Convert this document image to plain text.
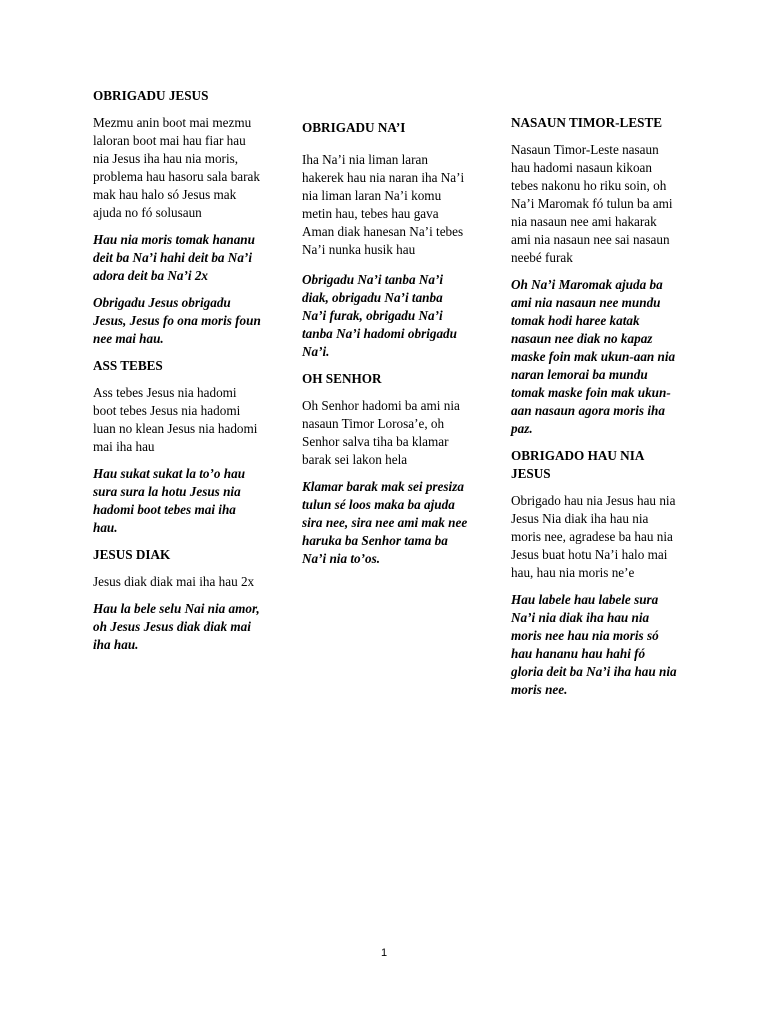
OBRIGADU JESUS
Mezmu anin boot mai mezmu laloran boot mai hau fiar hau nia Jesus iha hau nia moris, problema hau hasoru sala barak mak hau halo só Jesus mak ajuda no fó solusaun
Hau nia moris tomak hananu deit ba Na’i hahi deit ba Na’i adora deit ba Na’i 2x
Obrigadu Jesus obrigadu Jesus, Jesus fo ona moris foun nee mai hau.
ASS TEBES
Ass tebes Jesus nia hadomi boot tebes Jesus nia hadomi luan no klean Jesus nia hadomi mai iha hau
Hau sukat sukat la to’o hau sura sura la hotu Jesus nia hadomi boot tebes mai iha hau.
JESUS DIAK
Jesus diak diak mai iha hau 2x
Hau la bele selu Nai nia amor, oh Jesus Jesus diak diak mai iha hau.
OBRIGADU NA’I
Iha Na’i nia liman laran hakerek hau nia naran iha Na’i nia liman laran Na’i komu metin hau, tebes hau gava Aman diak hanesan Na’i tebes Na’i nunka husik hau
Obrigadu Na’i tanba Na’i diak, obrigadu Na’i tanba Na’i furak, obrigadu Na’i tanba Na’i hadomi obrigadu Na’i.
OH SENHOR
Oh Senhor hadomi ba ami nia nasaun Timor Lorosa’e, oh Senhor salva tiha ba klamar barak sei lakon hela
Klamar barak mak sei presiza tulun sé loos maka ba ajuda sira nee, sira nee ami mak nee haruka ba Senhor tama ba Na’i nia to’os.
NASAUN TIMOR-LESTE
Nasaun Timor-Leste nasaun hau hadomi nasaun kikoan tebes nakonu ho riku soin, oh Na’i Maromak fó tulun ba ami nia nasaun nee ami hakarak ami nia nasaun nee sai nasaun neebé furak
Oh Na’i Maromak ajuda ba ami nia nasaun nee mundu tomak hodi haree katak nasaun nee diak no kapaz maske foin mak ukun-aan nia naran lemorai ba mundu tomak maske foin mak ukun-aan nasaun agora moris iha paz.
OBRIGADO HAU NIA JESUS
Obrigado hau nia Jesus hau nia Jesus Nia diak iha hau nia moris nee, agradese ba hau nia Jesus buat hotu Na’i halo mai hau, hau nia moris ne’e
Hau labele hau labele sura Na’i nia diak iha hau nia moris nee hau nia moris só hau hananu hau hahi fó gloria deit ba Na’i iha hau nia moris nee.
1
